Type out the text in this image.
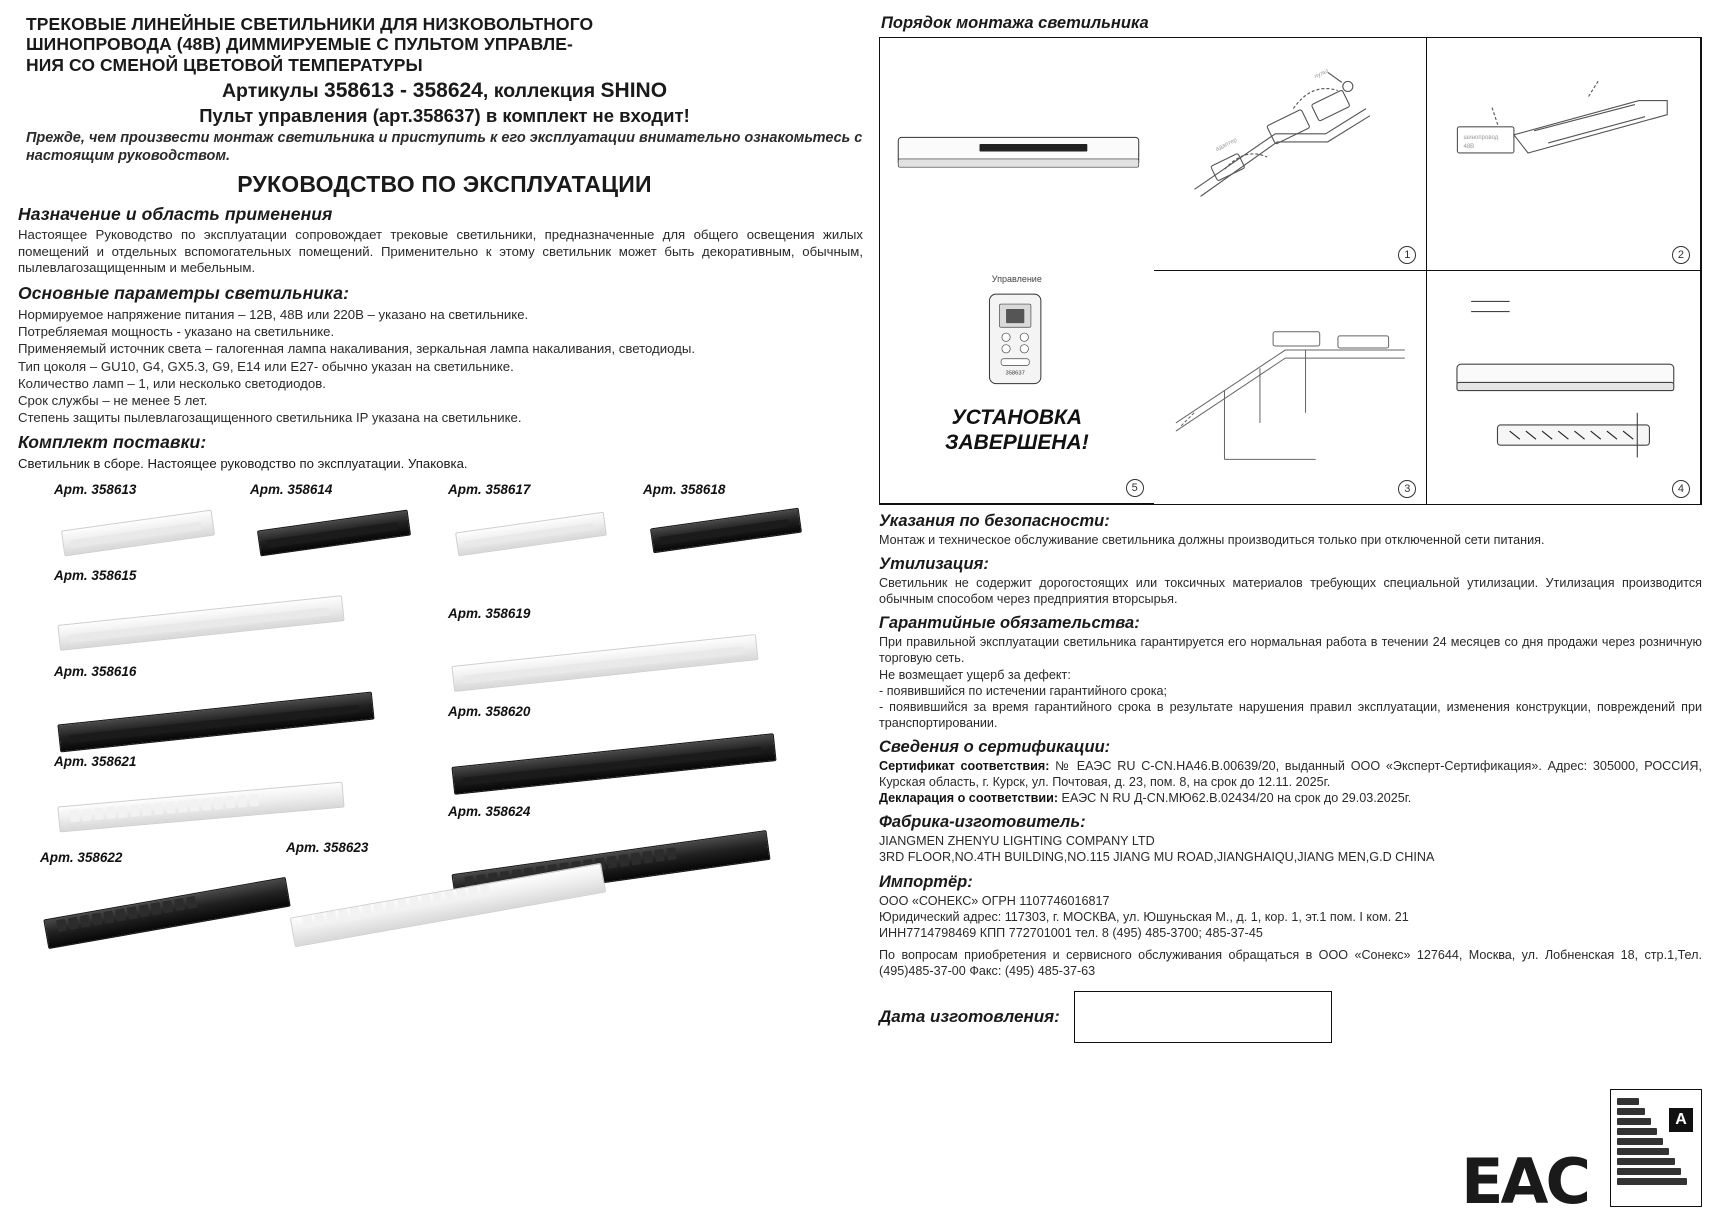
ТРЕКОВЫЕ ЛИНЕЙНЫЕ СВЕТИЛЬНИКИ ДЛЯ НИЗКОВОЛЬТНОГО
ШИНОПРОВОДА (48В) ДИММИРУЕМЫЕ С ПУЛЬТОМ УПРАВЛЕ-
НИЯ СО СМЕНОЙ ЦВЕТОВОЙ ТЕМПЕРАТУРЫ
Артикулы 358613 - 358624, коллекция SHINO
Пульт управления (арт.358637) в комплект не входит!
Прежде, чем произвести монтаж светильника и приступить к его эксплуатации внимательно ознакомьтесь с настоящим руководством.
РУКОВОДСТВО ПО ЭКСПЛУАТАЦИИ
Назначение и область применения

Настоящее Руководство по эксплуатации сопровождает трековые светильники, предназначенные для общего освещения жилых помещений и отдельных вспомогательных помещений. Применительно к этому светильник может быть декоративным, обычным, пылевлагозащищенным и мебельным.

Основные параметры светильника:
Нормируемое напряжение питания – 12В, 48В или 220В – указано на светильнике.
Потребляемая мощность - указано на светильнике.
Применяемый источник света – галогенная лампа накаливания, зеркальная лампа накаливания, светодиоды.
Тип цоколя – GU10, G4, GX5.3, G9, E14 или E27- обычно указан на светильнике.
Количество ламп – 1, или несколько светодиодов.
Срок службы – не менее 5 лет.
Степень защиты пылевлагозащищенного светильника IP указана на светильнике.
Комплект поставки:
Светильник в сборе. Настоящее руководство по эксплуатации. Упаковка.
Арт. 358613	Арт. 358614	Арт. 358617	Арт. 358618
Арт. 358615
Арт. 358619
Арт. 358616
Арт. 358620
Арт. 358621
Арт. 358624
Арт. 358622
Арт. 358623
Порядок монтажа светильника
пульт
адаптер
1
шинопровод
48B
2
358637
Управление
УСТАНОВКА
ЗАВЕРШЕНА!
5	3	4
Указания по безопасности:

Монтаж и техническое обслуживание светильника должны производиться только при отключенной сети питания.

Утилизация:

Светильник не содержит дорогостоящих или токсичных материалов требующих специальной утилизации. Утилизация производится обычным способом через предприятия вторсырья.

Гарантийные обязательства:

При правильной эксплуатации светильника гарантируется его нормальная работа в течении 24 месяцев со дня продажи через розничную торговую сеть.

Не возмещает ущерб за дефект:

- появившийся по истечении гарантийного срока;

- появившийся за время гарантийного срока в результате нарушения правил эксплуатации, изменения конструкции, повреждений при транспортировании.

Сведения о сертификации:

Сертификат соответствия: № ЕАЭС RU C-CN.НА46.В.00639/20, выданный ООО «Эксперт-Сертификация». Адрес: 305000, РОССИЯ, Курская область, г. Курск, ул. Почтовая, д. 23, пом. 8, на срок до 12.11. 2025г.

Декларация о соответствии: ЕАЭС N RU Д-CN.МЮ62.В.02434/20 на срок до 29.03.2025г.

Фабрика-изготовитель:

JIANGMEN ZHENYU LIGHTING COMPANY LTD

3RD FLOOR,NO.4TH BUILDING,NO.115 JIANG MU ROAD,JIANGHAIQU,JIANG MEN,G.D CHINA

Импортёр:

ООО «СОНЕКС» ОГРН 1107746016817

Юридический адрес: 117303, г. МОСКВА, ул. Юшуньская М., д. 1, кор. 1, эт.1 пом. I ком. 21

ИНН7714798469 КПП 772701001 тел. 8 (495) 485-3700; 485-37-45

По вопросам приобретения и сервисного обслуживания обращаться в ООО «Сонекс» 127644, Москва, ул. Лобненская 18, стр.1,Тел. (495)485-37-00 Факс: (495) 485-37-63

Дата изготовления:
EAC
A
